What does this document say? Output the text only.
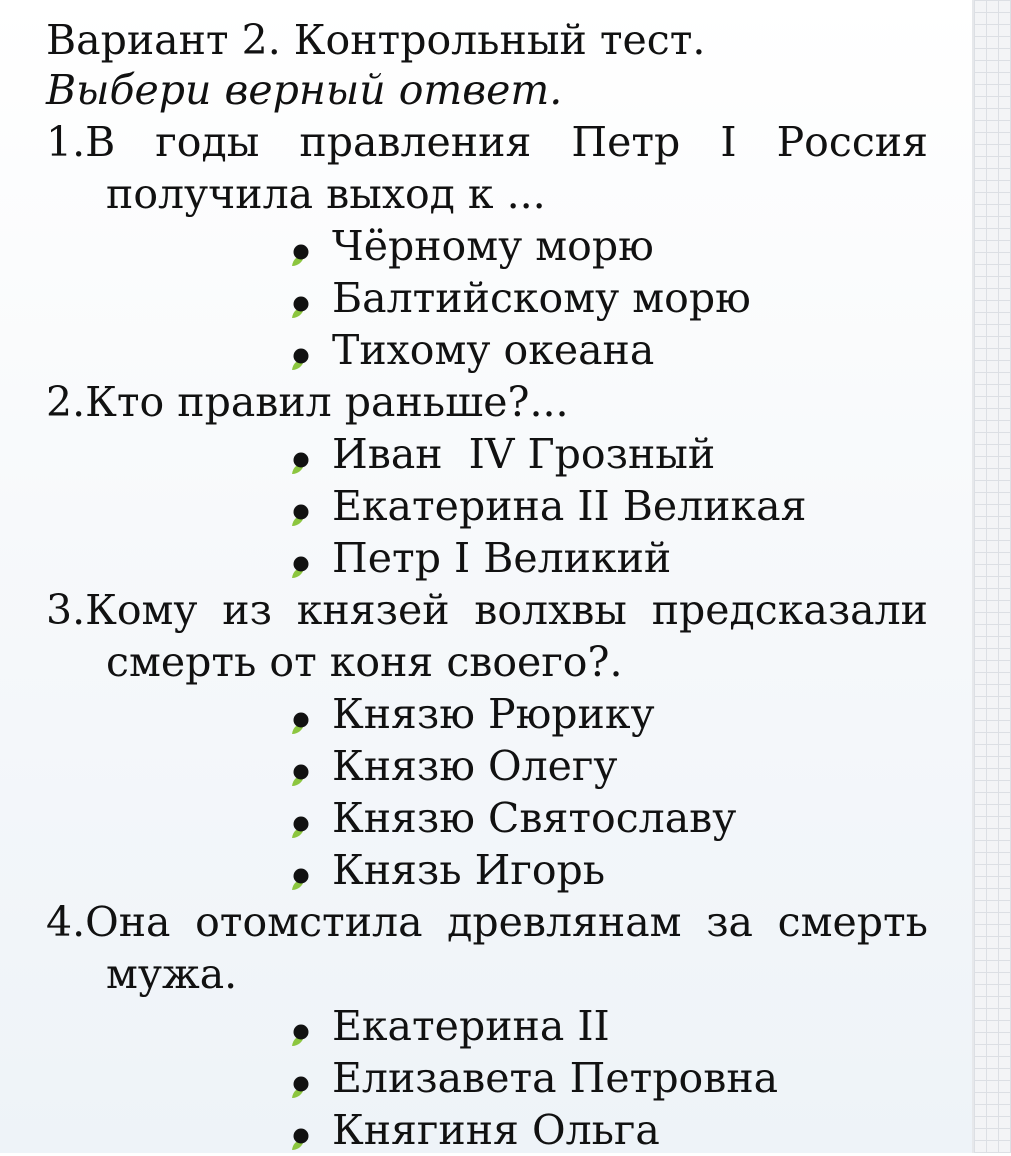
Вариант 2. Контрольный тест.
Выбери верный ответ.
1.В годы правления Петр I Россия
получила выход к ...
Чёрному морю
Балтийскому морю
Тихому океана
2.Кто правил раньше?...
Иван  IV Грозный
Екатерина II Великая
Петр I Великий
3.Кому из князей волхвы предсказали
смерть от коня своего?.
Князю Рюрику
Князю Олегу
Князю Святославу
Князь Игорь
4.Она отомстила древлянам за смерть
мужа.
Екатерина II
Елизавета Петровна
Княгиня Ольга
